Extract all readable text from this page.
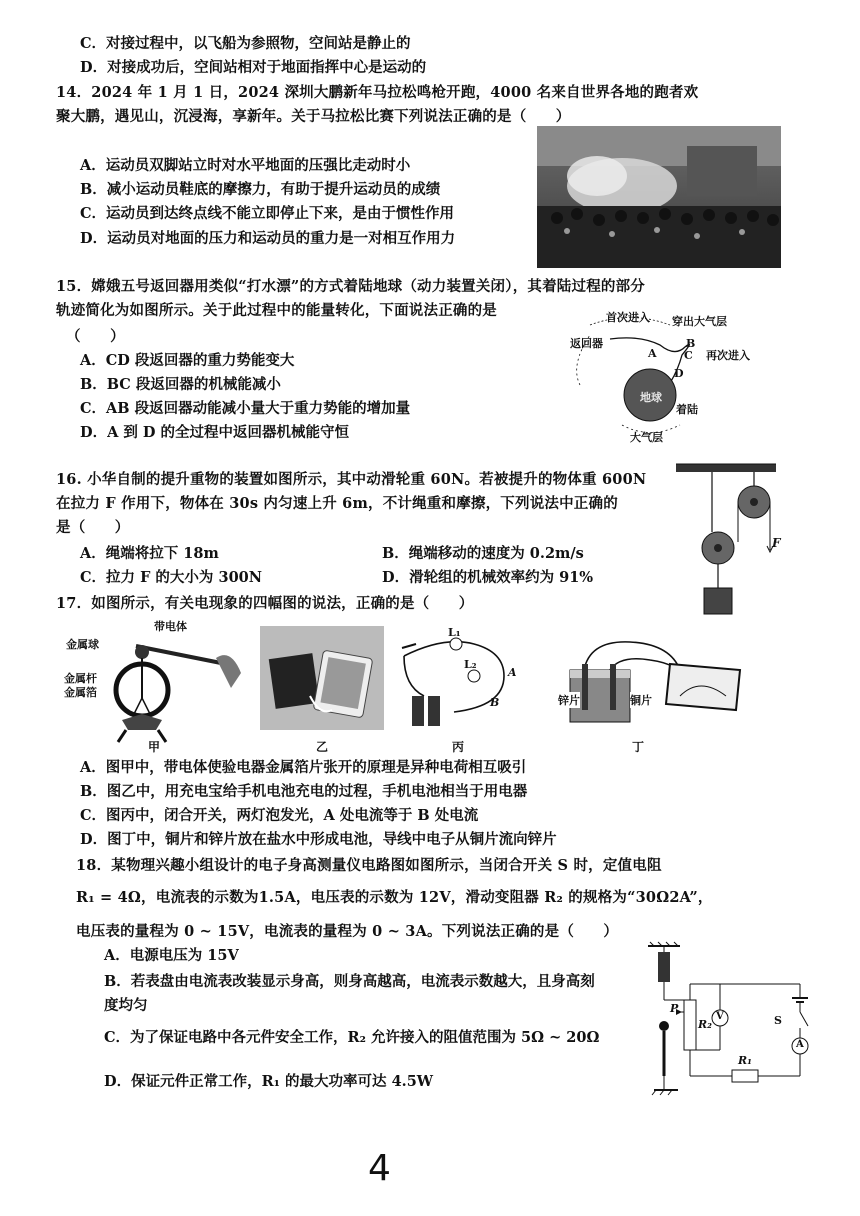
C．对接过程中，以飞船为参照物，空间站是静止的
D．对接成功后，空间站相对于地面指挥中心是运动的
14．2024 年 1 月 1 日，2024 深圳大鹏新年马拉松鸣枪开跑，4000 名来自世界各地的跑者欢
聚大鹏，遇见山，沉浸海，享新年。关于马拉松比赛下列说法正确的是（　　）
A．运动员双脚站立时对水平地面的压强比走动时小
B．减小运动员鞋底的摩擦力，有助于提升运动员的成绩
C．运动员到达终点线不能立即停止下来，是由于惯性作用
D．运动员对地面的压力和运动员的重力是一对相互作用力
15．嫦娥五号返回器用类似“打水漂”的方式着陆地球（动力装置关闭），其着陆过程的部分
轨迹简化为如图所示。关于此过程中的能量转化，下面说法正确的是
（　　）
A．CD 段返回器的重力势能变大
B．BC 段返回器的机械能减小
C．AB 段返回器动能减小量大于重力势能的增加量
D．A 到 D 的全过程中返回器机械能守恒
首次进入 穿出大气层
返回器
再次进入
A
B
C
D
地球
着陆
大气层
16. 小华自制的提升重物的装置如图所示，其中动滑轮重 60N。若被提升的物体重 600N
在拉力 F 作用下，物体在 30s 内匀速上升 6m，不计绳重和摩擦，下列说法中正确的
是（　　）
A．绳端将拉下 18m	B．绳端移动的速度为 0.2m/s
C．拉力 F 的大小为 300N	D．滑轮组的机械效率约为 91%
F
17．如图所示，有关电现象的四幅图的说法，正确的是（　　）
带电体
金属球
金属杆
金属箔
甲	乙
L₁
L₂
A
B
丙
锌片	铜片
丁
A．图甲中，带电体使验电器金属箔片张开的原理是异种电荷相互吸引
B．图乙中，用充电宝给手机电池充电的过程，手机电池相当于用电器
C．图丙中，闭合开关，两灯泡发光，A 处电流等于 B 处电流
D．图丁中，铜片和锌片放在盐水中形成电池，导线中电子从铜片流向锌片
18．某物理兴趣小组设计的电子身高测量仪电路图如图所示，当闭合开关 S 时，定值电阻
R₁ = 4Ω，电流表的示数为1.5A，电压表的示数为 12V，滑动变阻器 R₂ 的规格为“30Ω2A”，
电压表的量程为 0 ~ 15V，电流表的量程为 0 ~ 3A。下列说法正确的是（　　）
A．电源电压为 15V
B．若表盘由电流表改装显示身高，则身高越高，电流表示数越大，且身高刻
度均匀
C．为了保证电路中各元件安全工作，R₂ 允许接入的阻值范围为 5Ω ~ 20Ω
D．保证元件正常工作，R₁ 的最大功率可达 4.5W
P
R₂
V	S
A
R₁
4
